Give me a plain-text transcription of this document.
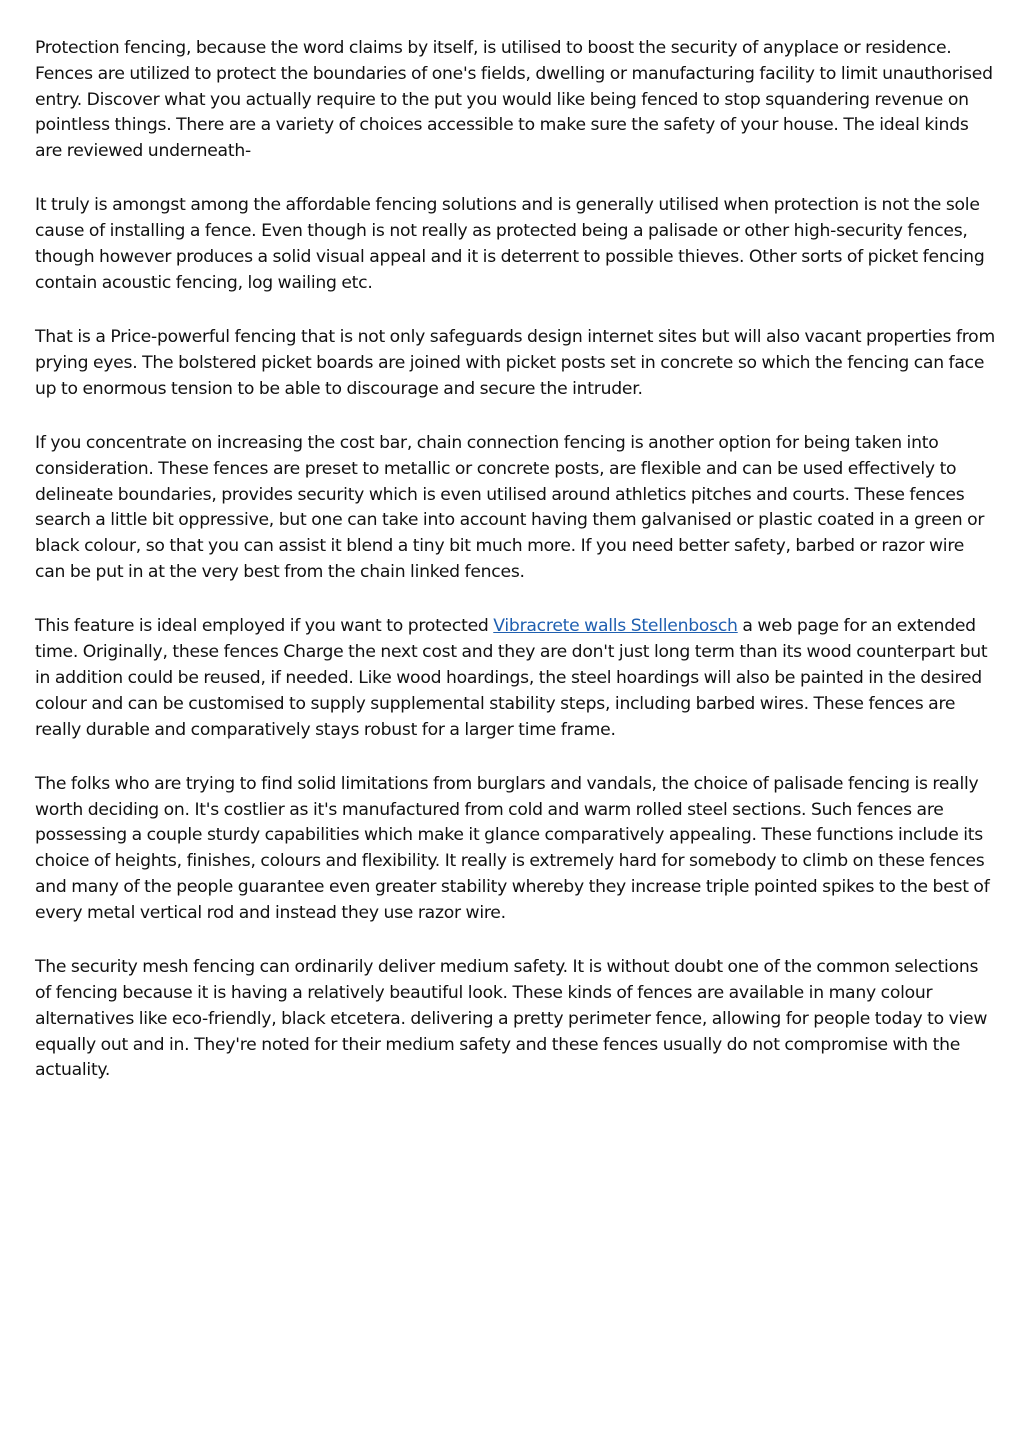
Protection fencing, because the word claims by itself, is utilised to boost the security of anyplace or residence. Fences are utilized to protect the boundaries of one's fields, dwelling or manufacturing facility to limit unauthorised entry. Discover what you actually require to the put you would like being fenced to stop squandering revenue on pointless things. There are a variety of choices accessible to make sure the safety of your house. The ideal kinds are reviewed underneath-

It truly is amongst among the affordable fencing solutions and is generally utilised when protection is not the sole cause of installing a fence. Even though is not really as protected being a palisade or other high-security fences, though however produces a solid visual appeal and it is deterrent to possible thieves. Other sorts of picket fencing contain acoustic fencing, log wailing etc.

That is a Price-powerful fencing that is not only safeguards design internet sites but will also vacant properties from prying eyes. The bolstered picket boards are joined with picket posts set in concrete so which the fencing can face up to enormous tension to be able to discourage and secure the intruder.

If you concentrate on increasing the cost bar, chain connection fencing is another option for being taken into consideration. These fences are preset to metallic or concrete posts, are flexible and can be used effectively to delineate boundaries, provides security which is even utilised around athletics pitches and courts. These fences search a little bit oppressive, but one can take into account having them galvanised or plastic coated in a green or black colour, so that you can assist it blend a tiny bit much more. If you need better safety, barbed or razor wire can be put in at the very best from the chain linked fences.

This feature is ideal employed if you want to protected Vibracrete walls Stellenbosch a web page for an extended time. Originally, these fences Charge the next cost and they are don't just long term than its wood counterpart but in addition could be reused, if needed. Like wood hoardings, the steel hoardings will also be painted in the desired colour and can be customised to supply supplemental stability steps, including barbed wires. These fences are really durable and comparatively stays robust for a larger time frame.

The folks who are trying to find solid limitations from burglars and vandals, the choice of palisade fencing is really worth deciding on. It's costlier as it's manufactured from cold and warm rolled steel sections. Such fences are possessing a couple sturdy capabilities which make it glance comparatively appealing. These functions include its choice of heights, finishes, colours and flexibility. It really is extremely hard for somebody to climb on these fences and many of the people guarantee even greater stability whereby they increase triple pointed spikes to the best of every metal vertical rod and instead they use razor wire.

The security mesh fencing can ordinarily deliver medium safety. It is without doubt one of the common selections of fencing because it is having a relatively beautiful look. These kinds of fences are available in many colour alternatives like eco-friendly, black etcetera. delivering a pretty perimeter fence, allowing for people today to view equally out and in. They're noted for their medium safety and these fences usually do not compromise with the actuality.
